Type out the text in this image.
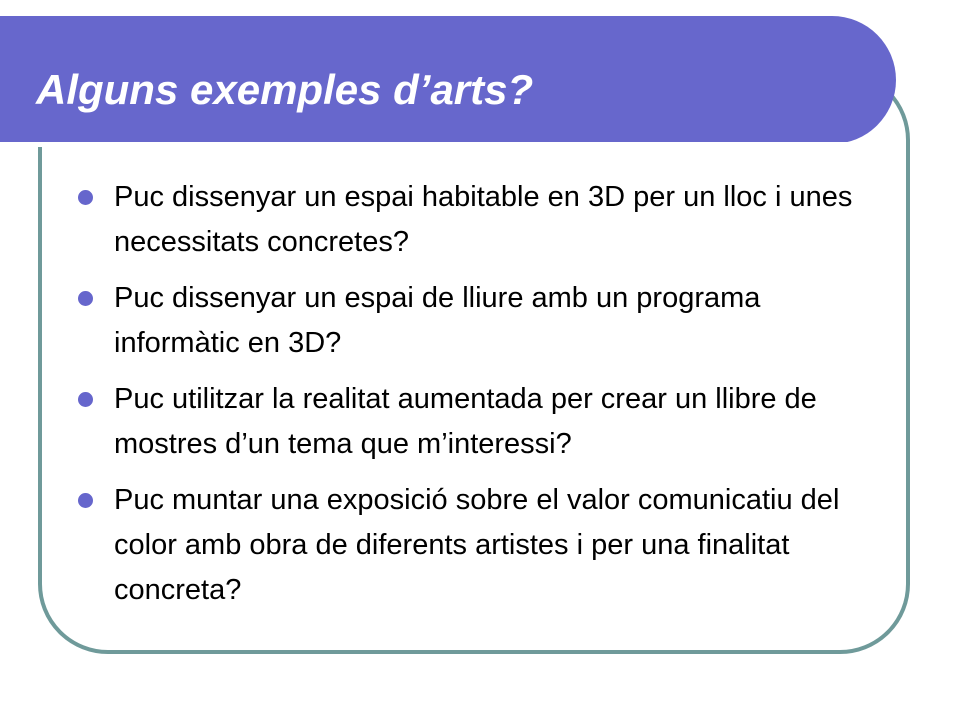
Alguns exemples d’arts?
Puc dissenyar un espai habitable en 3D per un lloc i unes necessitats concretes?
Puc dissenyar un espai de lliure amb un programa informàtic en 3D?
Puc utilitzar la realitat aumentada per crear un llibre de mostres d’un tema que m’interessi?
Puc muntar una exposició sobre el valor comunicatiu del color amb obra de diferents artistes i per una finalitat concreta?
